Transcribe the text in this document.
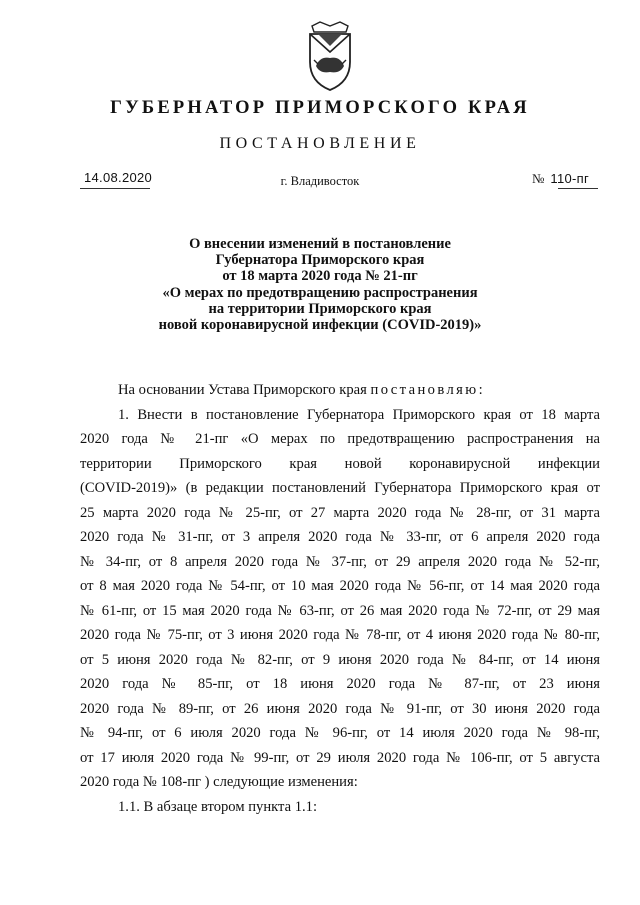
ГУБЕРНАТОР ПРИМОРСКОГО КРАЯ
ПОСТАНОВЛЕНИЕ
14.08.2020	г. Владивосток	№ 110-пг
О внесении изменений в постановление
Губернатора Приморского края
от 18 марта 2020 года № 21-пг
«О мерах по предотвращению распространения
на территории Приморского края
новой коронавирусной инфекции (COVID-2019)»
На основании Устава Приморского края постановляю:
1. Внести в постановление Губернатора Приморского края от 18 марта
2020 года № 21-пг «О мерах по предотвращению распространения на
территории Приморского края новой коронавирусной инфекции
(COVID-2019)» (в редакции постановлений Губернатора Приморского края от
25 марта 2020 года № 25-пг, от 27 марта 2020 года № 28-пг, от 31 марта
2020 года № 31-пг, от 3 апреля 2020 года № 33-пг, от 6 апреля 2020 года
№ 34-пг, от 8 апреля 2020 года № 37-пг, от 29 апреля 2020 года № 52-пг,
от 8 мая 2020 года № 54-пг, от 10 мая 2020 года № 56-пг, от 14 мая 2020 года
№ 61-пг, от 15 мая 2020 года № 63-пг, от 26 мая 2020 года № 72-пг, от 29 мая
2020 года № 75-пг, от 3 июня 2020 года № 78-пг, от 4 июня 2020 года № 80-пг,
от 5 июня 2020 года № 82-пг, от 9 июня 2020 года № 84-пг, от 14 июня
2020 года № 85-пг, от 18 июня 2020 года № 87-пг, от 23 июня
2020 года № 89-пг, от 26 июня 2020 года № 91-пг, от 30 июня 2020 года
№ 94-пг, от 6 июля 2020 года № 96-пг, от 14 июля 2020 года № 98-пг,
от 17 июля 2020 года № 99-пг, от 29 июля 2020 года № 106-пг, от 5 августа
2020 года № 108-пг ) следующие изменения:
1.1. В абзаце втором пункта 1.1:
